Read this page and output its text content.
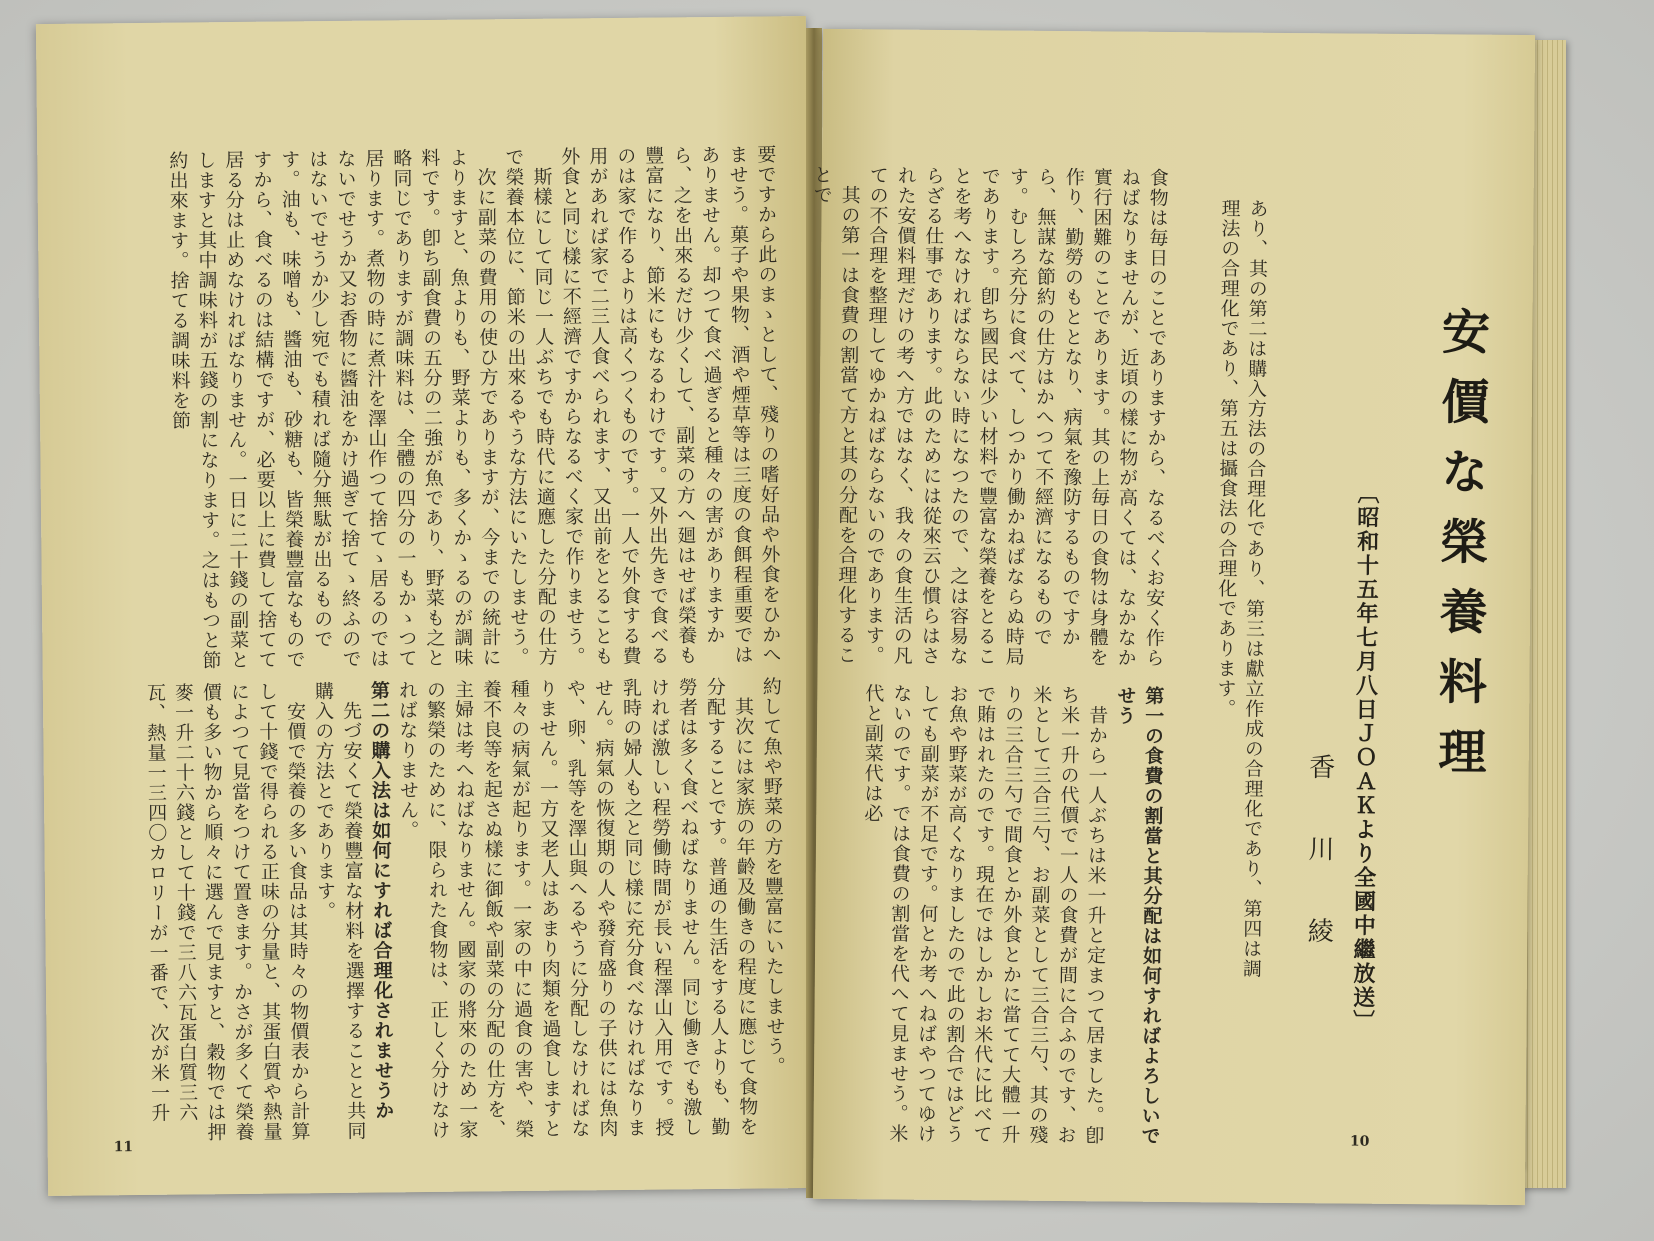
要ですから此のまゝとして、殘りの嗜好品や外食をひかへませう。菓子や果物、酒や煙草等は三度の食餌程重要ではありません。却つて食べ過ぎると種々の害がありますから、之を出來るだけ少くして、副菜の方へ廻はせば榮養も豐富になり、節米にもなるわけです。又外出先きで食べるのは家で作るよりは高くつくものです。一人で外食する費用があれば家で二三人食べられます、又出前をとることも外食と同じ樣に不經濟ですからなるべく家で作りませう。
　斯樣にして同じ一人ぶちでも時代に適應した分配の仕方で榮養本位に、節米の出來るやうな方法にいたしませう。
　次に副菜の費用の使ひ方でありますが、今までの統計によりますと、魚よりも、野菜よりも、多くかゝるのが調味料です。卽ち副食費の五分の二強が魚であり、野菜も之と略同じでありますが調味料は、全體の四分の一もかゝつて居ります。煮物の時に煮汁を澤山作つて捨てゝ居るのではないでせうか又お香物に醬油をかけ過ぎて捨てゝ終ふのではないでせうか少し宛でも積れば隨分無駄が出るものです。油も、味噌も、醬油も、砂糖も、皆榮養豐富なものですから、食べるのは結構ですが、必要以上に費して捨てて居る分は止めなければなりません。一日に二十錢の副菜としますと其中調味料が五錢の割になります。之はもつと節約出來ます。捨てる調味料を節
約して魚や野菜の方を豐富にいたしませう。
　其次には家族の年齡及働きの程度に應じて食物を分配することです。普通の生活をする人よりも、勤勞者は多く食べねばなりません。同じ働きでも激しければ激しい程勞働時間が長い程澤山入用です。授乳時の婦人も之と同じ樣に充分食べなければなりません。病氣の恢復期の人や發育盛りの子供には魚肉や、卵、乳等を澤山與へるやうに分配しなければなりません。一方又老人はあまり肉類を過食しますと種々の病氣が起ります。一家の中に過食の害や、榮養不良等を起さぬ樣に御飯や副菜の分配の仕方を、主婦は考へねばなりません。國家の將來のため一家の繁榮のために、限られた食物は、正しく分けなければなりません。
第二の購入法は如何にすれば合理化されませうか
　先づ安くて榮養豐富な材料を選擇することと共同購入の方法とであります。
　安價で榮養の多い食品は其時々の物價表から計算して十錢で得られる正味の分量と、其蛋白質や熱量によつて見當をつけて置きます。かさが多くて榮養價も多い物から順々に選んで見ますと、穀物では押麥一升二十六錢として十錢で三八六瓦蛋白質三六瓦、熱量一三四〇カロリーが一番で、次が米一升
11
安價な榮養料理
〔昭和十五年七月八日ＪＯＡＫより全國中繼放送〕
香川綾
食物は毎日のことでありますから、なるべくお安く作らねばなりませんが、近頃の樣に物が高くては、なかなか實行困難のことであります。其の上毎日の食物は身體を作り、勤勞のもととなり、病氣を豫防するものですから、無謀な節約の仕方はかへつて不經濟になるものです。むしろ充分に食べて、しつかり働かねばならぬ時局であります。卽ち國民は少い材料で豐富な榮養をとることを考へなければならない時になつたので、之は容易ならざる仕事であります。此のためには從來云ひ慣らはされた安價料理だけの考へ方ではなく、我々の食生活の凡ての不合理を整理してゆかねばならないのであります。
　其の第一は食費の割當て方と其の分配を合理化することで
あり、其の第二は購入方法の合理化であり、第三は獻立作成の合理化であり、第四は調理法の合理化であり、第五は攝食法の合理化であります。
第一の食費の割當と其分配は如何すればよろしいでせう
　昔から一人ぶちは米一升と定まつて居ました。卽ち米一升の代價で一人の食費が間に合ふのです、お米として三合三勺、お副菜として三合三勺、其の殘りの三合三勺で間食とか外食とかに當てて大體一升で賄はれたのです。現在ではしかしお米代に比べてお魚や野菜が高くなりましたので此の割合ではどうしても副菜が不足です。何とか考へねばやつてゆけないのです。では食費の割當を代へて見ませう。米代と副菜代は必
10
